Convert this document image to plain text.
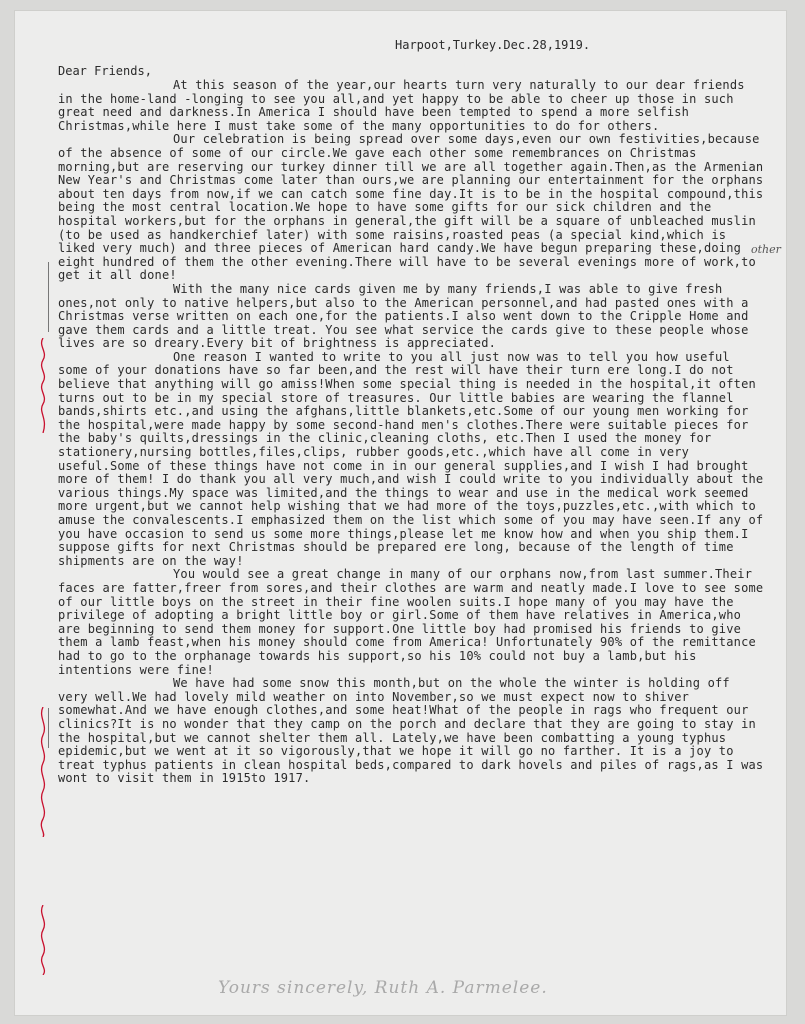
Harpoot,Turkey.Dec.28,1919.
Dear Friends,

At this season of the year,our hearts turn very naturally to our dear friends in the home-land -longing to see you all,and yet happy to be able to cheer up those in such great need and darkness.In America I should have been tempted to spend a more selfish Christmas,while here I must take some of the many opportunities to do for others.

Our celebration is being spread over some days,even our own festivities,because of the absence of some of our circle.We gave each other some remembrances on Christmas morning,but are reserving our turkey dinner till we are all together again.Then,as the Armenian New Year's and Christmas come later than ours,we are planning our entertainment for the orphans about ten days from now,if we can catch some fine day.It is to be in the hospital compound,this being the most central location.We hope to have some gifts for our sick children and the hospital workers,but for the orphans in general,the gift will be a square of unbleached muslin (to be used as handkerchief later) with some raisins,roasted peas (a special kind,which is liked very much) and three pieces of American hard candy.We have begun preparing these,doing eight hundred of them the other evening.There will have to be several evenings more of work,to get it all done!

With the many nice cards given me by many friends,I was able to give fresh ones,not only to native helpers,but also to the American personnel,and had pasted ones with a Christmas verse written on each one,for the patients.I also went down to the Cripple Home and gave them cards and a little treat. You see what service the cards give to these people whose lives are so dreary.Every bit of brightness is appreciated.

One reason I wanted to write to you all just now was to tell you how useful some of your donations have so far been,and the rest will have their turn ere long.I do not believe that anything will go amiss!When some special thing is needed in the hospital,it often turns out to be in my special store of treasures. Our little babies are wearing the flannel bands,shirts etc.,and using the afghans,little blankets,etc.Some of our young men working for the hospital,were made happy by some second-hand men's clothes.There were suitable pieces for the baby's quilts,dressings in the clinic,cleaning cloths, etc.Then I used the money for stationery,nursing bottles,files,clips, rubber goods,etc.,which have all come in very useful.Some of these things have not come in in our general supplies,and I wish I had brought more of them! I do thank you all very much,and wish I could write to you individually about the various things.My space was limited,and the things to wear and use in the medical work seemed more urgent,but we cannot help wishing that we had more of the toys,puzzles,etc.,with which to amuse the convalescents.I emphasized them on the list which some of you may have seen.If any of you have occasion to send us some more things,please let me know how and when you ship them.I suppose gifts for next Christmas should be prepared ere long, because of the length of time shipments are on the way!

You would see a great change in many of our orphans now,from last summer.Their faces are fatter,freer from sores,and their clothes are warm and neatly made.I love to see some of our little boys on the street in their fine woolen suits.I hope many of you may have the privilege of adopting a bright little boy or girl.Some of them have relatives in America,who are beginning to send them money for support.One little boy had promised his friends to give them a lamb feast,when his money should come from America! Unfortunately 90% of the remittance had to go to the orphanage towards his support,so his 10% could not buy a lamb,but his intentions were fine!

We have had some snow this month,but on the whole the winter is holding off very well.We had lovely mild weather on into November,so we must expect now to shiver somewhat.And we have enough clothes,and some heat!What of the people in rags who frequent our clinics?It is no wonder that they camp on the porch and declare that they are going to stay in the hospital,but we cannot shelter them all. Lately,we have been combatting a young typhus epidemic,but we went at it so vigorously,that we hope it will go no farther. It is a joy to treat typhus patients in clean hospital beds,compared to dark hovels and piles of rags,as I was wont to visit them in 1915to 1917.

other
Yours sincerely, Ruth A. Parmelee.
